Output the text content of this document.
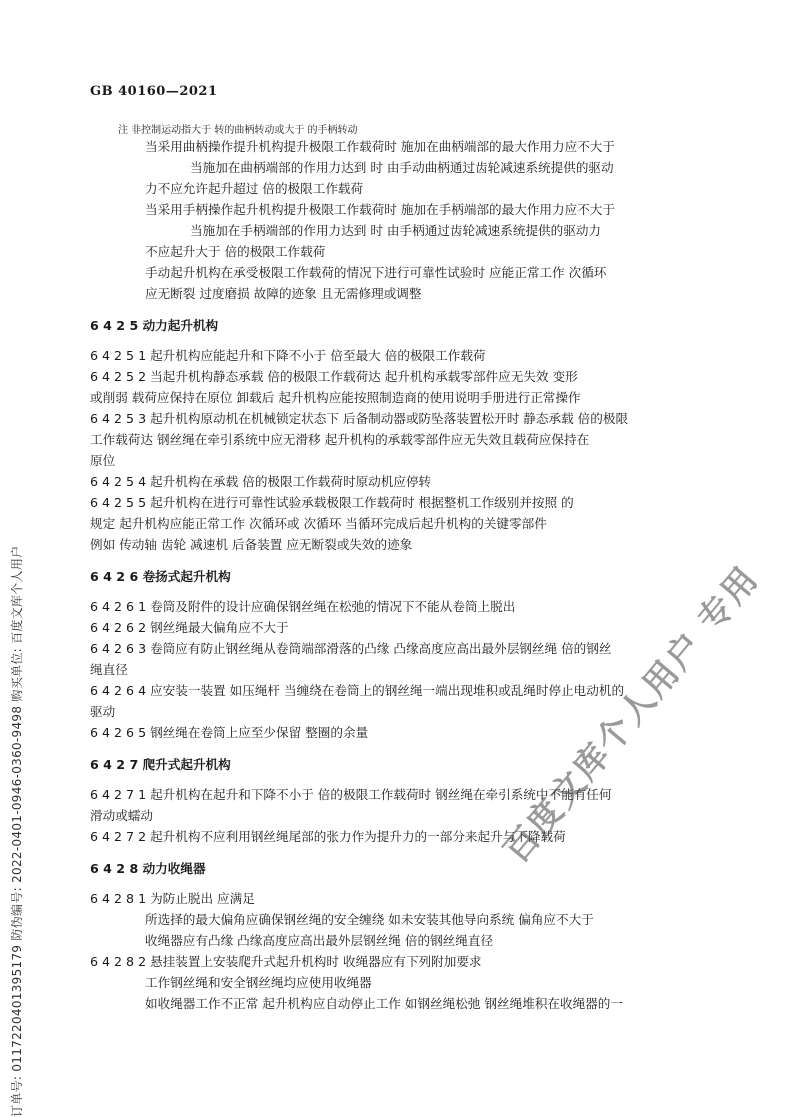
GB 40160—2021
注 非控制运动指大于 转的曲柄转动或大于 的手柄转动
当采用曲柄操作提升机构提升极限工作载荷时 施加在曲柄端部的最大作用力应不大于
当施加在曲柄端部的作用力达到 时 由手动曲柄通过齿轮减速系统提供的驱动
力不应允许起升超过 倍的极限工作载荷
当采用手柄操作起升机构提升极限工作载荷时 施加在手柄端部的最大作用力应不大于
当施加在手柄端部的作用力达到 时 由手柄通过齿轮减速系统提供的驱动力
不应起升大于 倍的极限工作载荷
手动起升机构在承受极限工作载荷的情况下进行可靠性试验时 应能正常工作 次循环
应无断裂 过度磨损 故障的迹象 且无需修理或调整
6 4 2 5 动力起升机构
6 4 2 5 1 起升机构应能起升和下降不小于 倍至最大 倍的极限工作载荷
6 4 2 5 2 当起升机构静态承载 倍的极限工作载荷达 起升机构承载零部件应无失效 变形
或削弱 载荷应保持在原位 卸载后 起升机构应能按照制造商的使用说明手册进行正常操作
6 4 2 5 3 起升机构原动机在机械锁定状态下 后备制动器或防坠落装置松开时 静态承载 倍的极限
工作载荷达 钢丝绳在牵引系统中应无滑移 起升机构的承载零部件应无失效且载荷应保持在
原位
6 4 2 5 4 起升机构在承载 倍的极限工作载荷时原动机应停转
6 4 2 5 5 起升机构在进行可靠性试验承载极限工作载荷时 根据整机工作级别并按照 的
规定 起升机构应能正常工作 次循环或 次循环 当循环完成后起升机构的关键零部件
例如 传动轴 齿轮 减速机 后备装置 应无断裂或失效的迹象
6 4 2 6 卷扬式起升机构
6 4 2 6 1 卷筒及附件的设计应确保钢丝绳在松弛的情况下不能从卷筒上脱出
6 4 2 6 2 钢丝绳最大偏角应不大于
6 4 2 6 3 卷筒应有防止钢丝绳从卷筒端部滑落的凸缘 凸缘高度应高出最外层钢丝绳 倍的钢丝
绳直径
6 4 2 6 4 应安装一装置 如压绳杆 当缠绕在卷筒上的钢丝绳一端出现堆积或乱绳时停止电动机的
驱动
6 4 2 6 5 钢丝绳在卷筒上应至少保留 整圈的余量
6 4 2 7 爬升式起升机构
6 4 2 7 1 起升机构在起升和下降不小于 倍的极限工作载荷时 钢丝绳在牵引系统中不能有任何
滑动或蠕动
6 4 2 7 2 起升机构不应利用钢丝绳尾部的张力作为提升力的一部分来起升与下降载荷
6 4 2 8 动力收绳器
6 4 2 8 1 为防止脱出 应满足
所选择的最大偏角应确保钢丝绳的安全缠绕 如未安装其他导向系统 偏角应不大于
收绳器应有凸缘 凸缘高度应高出最外层钢丝绳 倍的钢丝绳直径
6 4 2 8 2 悬挂装置上安装爬升式起升机构时 收绳器应有下列附加要求
工作钢丝绳和安全钢丝绳均应使用收绳器
如收绳器工作不正常 起升机构应自动停止工作 如钢丝绳松弛 钢丝绳堆积在收绳器的一
订单号: 0117220401395179 防伪编号: 2022-0401-0946-0360-9498 购买单位: 百度文库个人用户	百度文库个人用户 专用
